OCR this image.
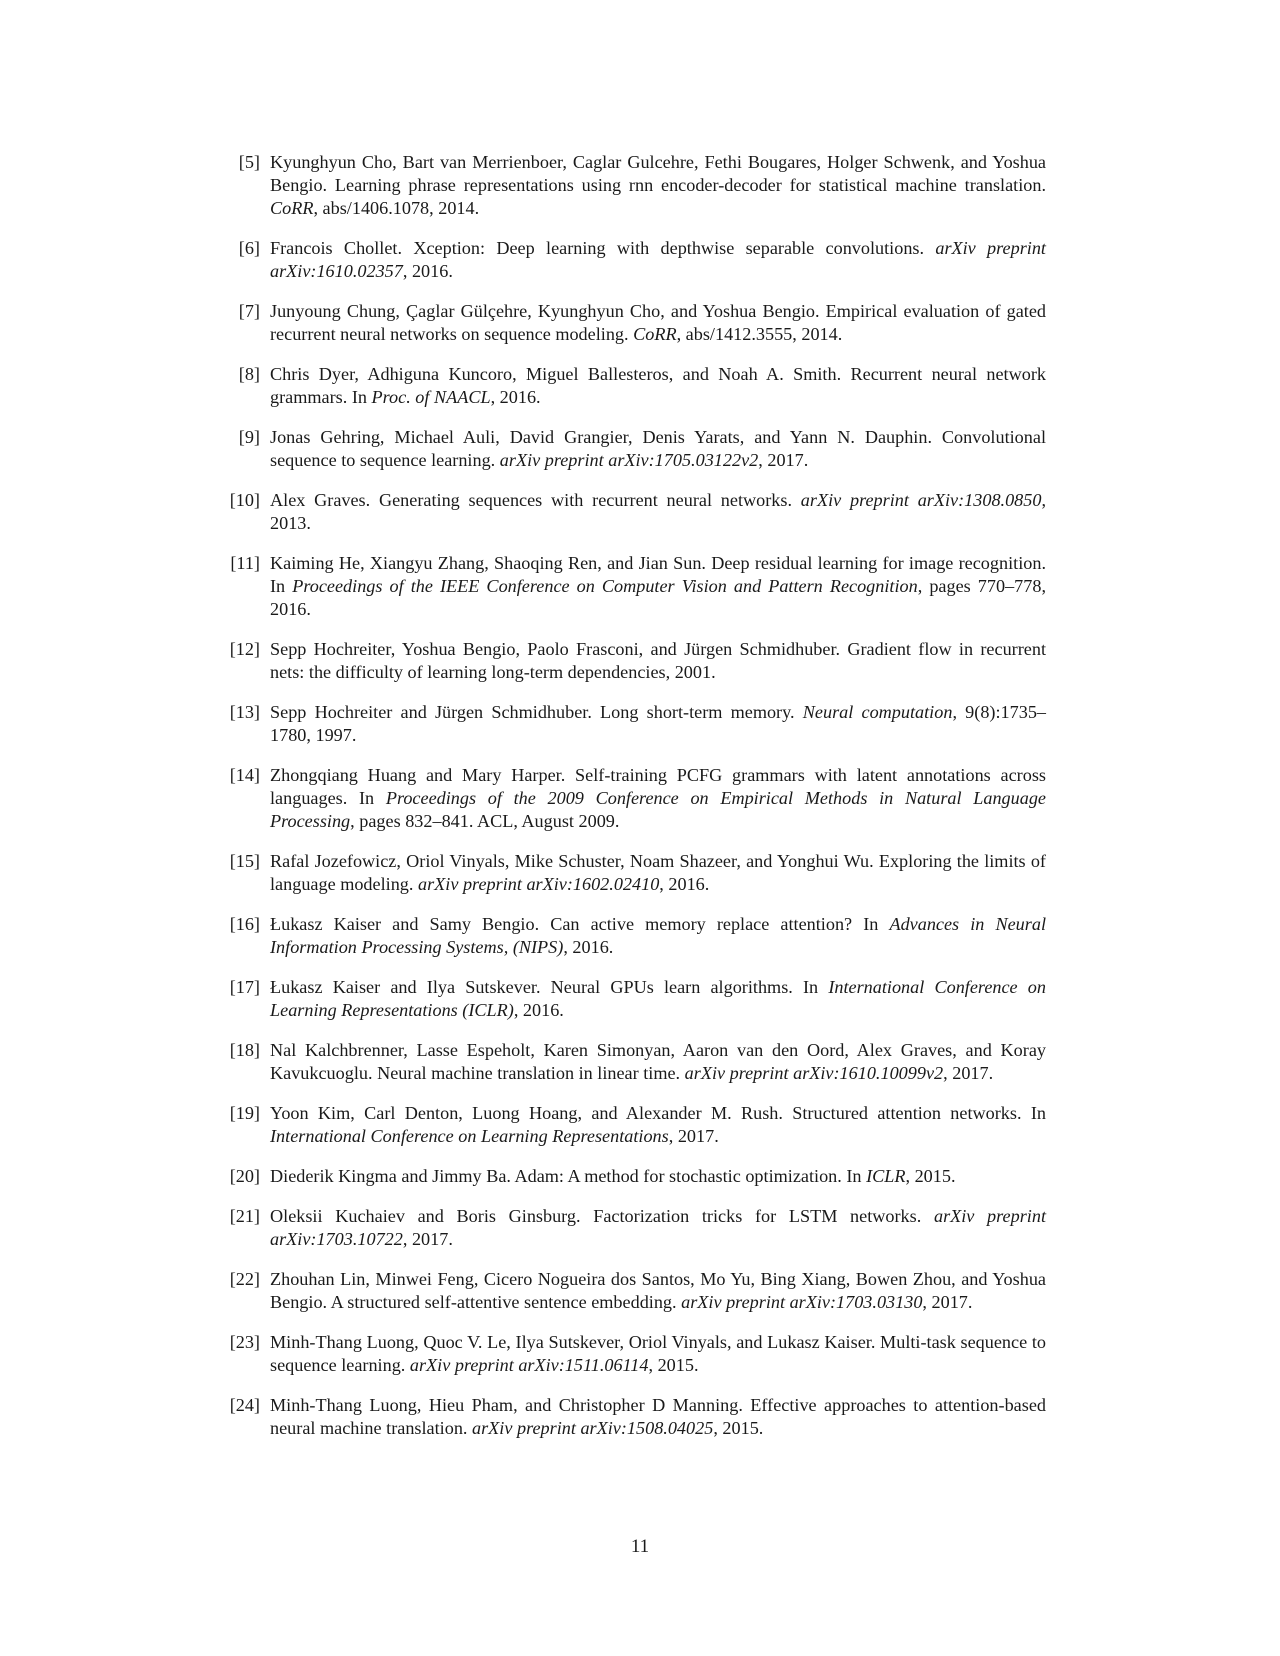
[5] Kyunghyun Cho, Bart van Merrienboer, Caglar Gulcehre, Fethi Bougares, Holger Schwenk, and Yoshua Bengio. Learning phrase representations using rnn encoder-decoder for statistical machine translation. CoRR, abs/1406.1078, 2014.
[6] Francois Chollet. Xception: Deep learning with depthwise separable convolutions. arXiv preprint arXiv:1610.02357, 2016.
[7] Junyoung Chung, Çaglar Gülçehre, Kyunghyun Cho, and Yoshua Bengio. Empirical evaluation of gated recurrent neural networks on sequence modeling. CoRR, abs/1412.3555, 2014.
[8] Chris Dyer, Adhiguna Kuncoro, Miguel Ballesteros, and Noah A. Smith. Recurrent neural network grammars. In Proc. of NAACL, 2016.
[9] Jonas Gehring, Michael Auli, David Grangier, Denis Yarats, and Yann N. Dauphin. Convolutional sequence to sequence learning. arXiv preprint arXiv:1705.03122v2, 2017.
[10] Alex Graves. Generating sequences with recurrent neural networks. arXiv preprint arXiv:1308.0850, 2013.
[11] Kaiming He, Xiangyu Zhang, Shaoqing Ren, and Jian Sun. Deep residual learning for image recognition. In Proceedings of the IEEE Conference on Computer Vision and Pattern Recognition, pages 770–778, 2016.
[12] Sepp Hochreiter, Yoshua Bengio, Paolo Frasconi, and Jürgen Schmidhuber. Gradient flow in recurrent nets: the difficulty of learning long-term dependencies, 2001.
[13] Sepp Hochreiter and Jürgen Schmidhuber. Long short-term memory. Neural computation, 9(8):1735–1780, 1997.
[14] Zhongqiang Huang and Mary Harper. Self-training PCFG grammars with latent annotations across languages. In Proceedings of the 2009 Conference on Empirical Methods in Natural Language Processing, pages 832–841. ACL, August 2009.
[15] Rafal Jozefowicz, Oriol Vinyals, Mike Schuster, Noam Shazeer, and Yonghui Wu. Exploring the limits of language modeling. arXiv preprint arXiv:1602.02410, 2016.
[16] Łukasz Kaiser and Samy Bengio. Can active memory replace attention? In Advances in Neural Information Processing Systems, (NIPS), 2016.
[17] Łukasz Kaiser and Ilya Sutskever. Neural GPUs learn algorithms. In International Conference on Learning Representations (ICLR), 2016.
[18] Nal Kalchbrenner, Lasse Espeholt, Karen Simonyan, Aaron van den Oord, Alex Graves, and Koray Kavukcuoglu. Neural machine translation in linear time. arXiv preprint arXiv:1610.10099v2, 2017.
[19] Yoon Kim, Carl Denton, Luong Hoang, and Alexander M. Rush. Structured attention networks. In International Conference on Learning Representations, 2017.
[20] Diederik Kingma and Jimmy Ba. Adam: A method for stochastic optimization. In ICLR, 2015.
[21] Oleksii Kuchaiev and Boris Ginsburg. Factorization tricks for LSTM networks. arXiv preprint arXiv:1703.10722, 2017.
[22] Zhouhan Lin, Minwei Feng, Cicero Nogueira dos Santos, Mo Yu, Bing Xiang, Bowen Zhou, and Yoshua Bengio. A structured self-attentive sentence embedding. arXiv preprint arXiv:1703.03130, 2017.
[23] Minh-Thang Luong, Quoc V. Le, Ilya Sutskever, Oriol Vinyals, and Lukasz Kaiser. Multi-task sequence to sequence learning. arXiv preprint arXiv:1511.06114, 2015.
[24] Minh-Thang Luong, Hieu Pham, and Christopher D Manning. Effective approaches to attention-based neural machine translation. arXiv preprint arXiv:1508.04025, 2015.
11
